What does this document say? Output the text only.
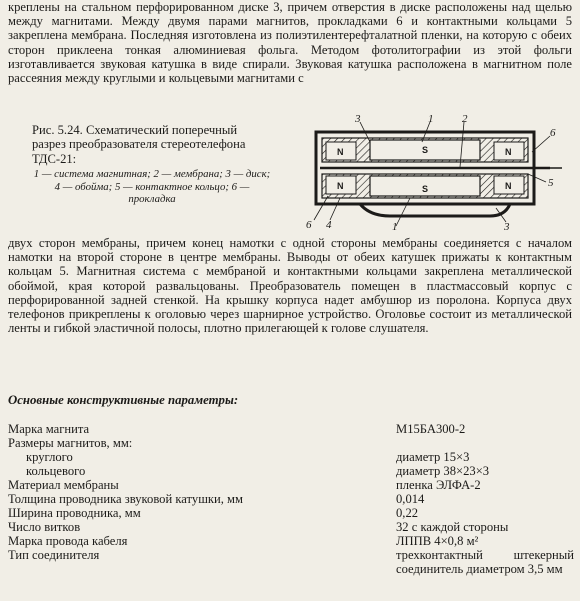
креплены на стальном перфорированном диске 3, причем отверстия в диске расположены над щелью между магнитами. Между двумя парами магнитов, прокладками 6 и контактными кольцами 5 закреплена мембрана. Последняя изготовлена из полиэтилентерефталатной пленки, на которую с обеих сторон приклеена тонкая алюминиевая фольга. Методом фотолитографии из этой фольги изготавливается звуковая катушка в виде спирали. Звуковая катушка расположена в магнитном поле рассеяния между круглыми и кольцевыми магнитами с

Рис. 5.24. Схематический поперечный разрез преобразователя стереотелефона ТДС-21:
1 — система магнитная; 2 — мембрана; 3 — диск; 4 — обойма; 5 — контактное кольцо; 6 — прокладка
N
N
N
N
S
S
3	1	2
6
5
6 4	1	3

двух сторон мембраны, причем конец намотки с одной стороны мембраны соединяется с началом намотки на второй стороне в центре мембраны. Выводы от обеих катушек прижаты к контактным кольцам 5. Магнитная система с мембраной и контактными кольцами закреплена металлической обоймой, края которой развальцованы. Преобразователь помещен в пластмассовый корпус с перфорированной задней стенкой. На крышку корпуса надет амбушюр из поролона. Корпуса двух телефонов прикреплены к оголовью через шарнирное устройство. Оголовье состоит из металлической ленты и гибкой эластичной полосы, плотно прилегающей к голове слушателя.

Основные конструктивные параметры:

Марка магнита	М15БА300-2
Размеры магнитов, мм:
круглого	диаметр 15×3
кольцевого	диаметр 38×23×3
Материал мембраны	пленка ЭЛФА-2
Толщина проводника звуковой катушки, мм	0,014
Ширина проводника, мм	0,22
Число витков	32 с каждой стороны
Марка провода кабеля	ЛППВ 4×0,8 м²
Тип соединителя	трехконтактный штекерный соединитель диаметром 3,5 мм
